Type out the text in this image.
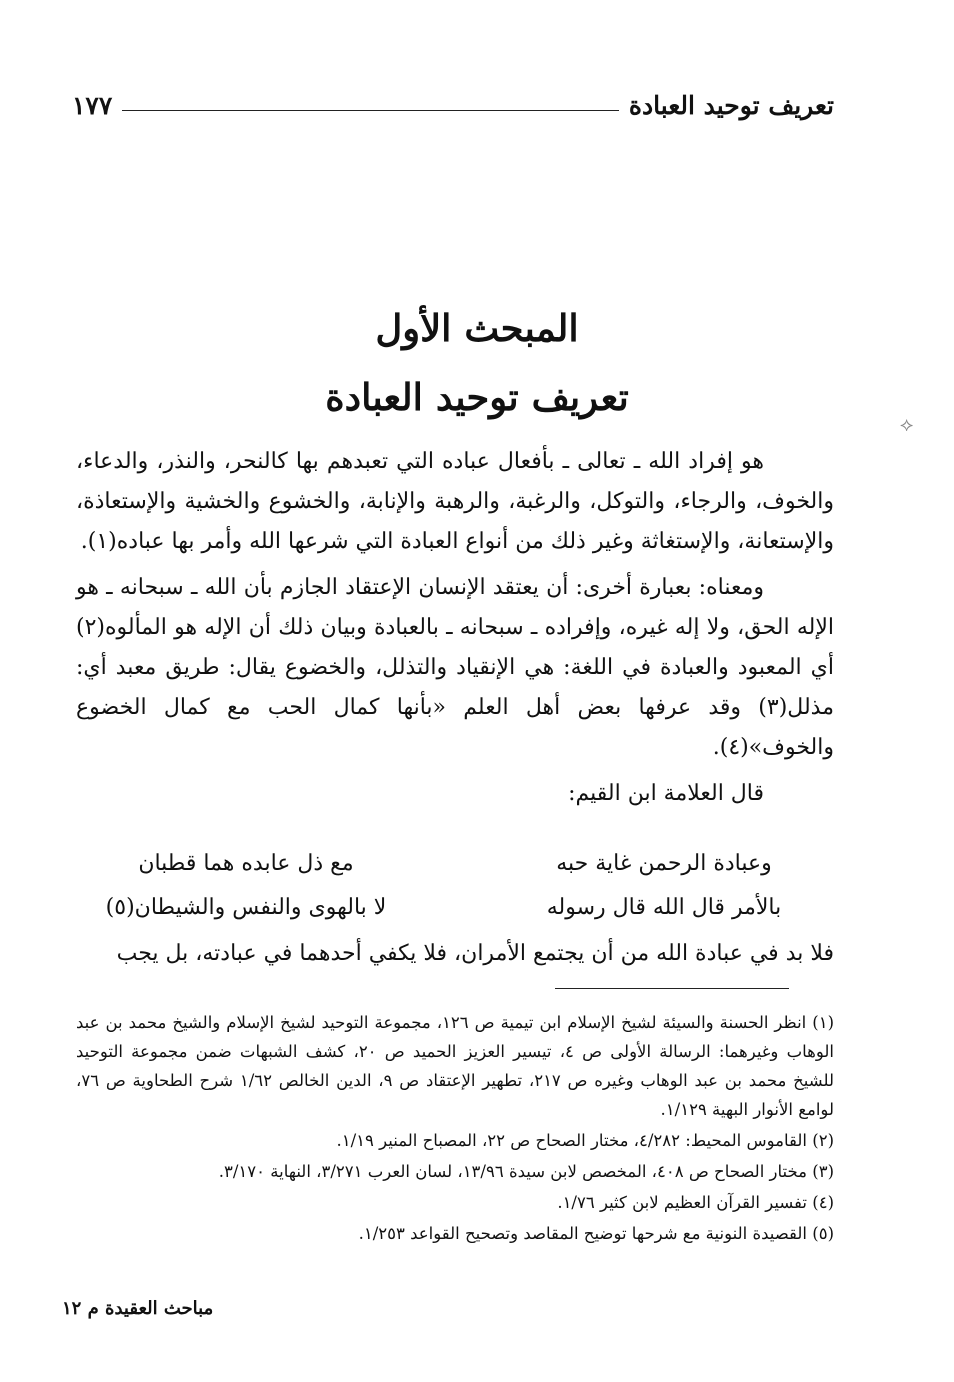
تعريف توحيد العبادة
١٧٧
المبحث الأول
تعريف توحيد العبادة
⟡

هو إفراد الله ـ تعالى ـ بأفعال عباده التي تعبدهم بها كالنحر، والنذر، والدعاء، والخوف، والرجاء، والتوكل، والرغبة، والرهبة والإنابة، والخشوع والخشية والإستعاذة، والإستعانة، والإستغاثة وغير ذلك من أنواع العبادة التي شرعها الله وأمر بها عباده(١).

ومعناه: بعبارة أخرى: أن يعتقد الإنسان الإعتقاد الجازم بأن الله ـ سبحانه ـ هو الإله الحق، ولا إله غيره، وإفراده ـ سبحانه ـ بالعبادة وبيان ذلك أن الإله هو المألوه(٢) أي المعبود والعبادة في اللغة: هي الإنقياد والتذلل، والخضوع يقال: طريق معبد أي: مذلل(٣) وقد عرفها بعض أهل العلم «بأنها كمال الحب مع كمال الخضوع والخوف»(٤).

قال العلامة ابن القيم:

وعبادة الرحمن غاية حبه
مع ذل عابده هما قطبان
بالأمر قال الله قال رسوله
لا بالهوى والنفس والشيطان(٥)
فلا بد في عبادة الله من أن يجتمع الأمران، فلا يكفي أحدهما في عبادته، بل يجب

(١) انظر الحسنة والسيئة لشيخ الإسلام ابن تيمية ص ١٢٦، مجموعة التوحيد لشيخ الإسلام والشيخ محمد بن عبد الوهاب وغيرهما: الرسالة الأولى ص ٤، تيسير العزيز الحميد ص ٢٠، كشف الشبهات ضمن مجموعة التوحيد للشيخ محمد بن عبد الوهاب وغيره ص ٢١٧، تطهير الإعتقاد ص ٩، الدين الخالص ١/٦٢ شرح الطحاوية ص ٧٦، لوامع الأنوار البهية ١/١٢٩.

(٢) القاموس المحيط: ٤/٢٨٢، مختار الصحاح ص ٢٢، المصباح المنير ١/١٩.

(٣) مختار الصحاح ص ٤٠٨، المخصص لابن سيدة ١٣/٩٦، لسان العرب ٣/٢٧١، النهاية ٣/١٧٠.

(٤) تفسير القرآن العظيم لابن كثير ١/٧٦.

(٥) القصيدة النونية مع شرحها توضيح المقاصد وتصحيح القواعد ١/٢٥٣.

مباحث العقيدة م ١٢
